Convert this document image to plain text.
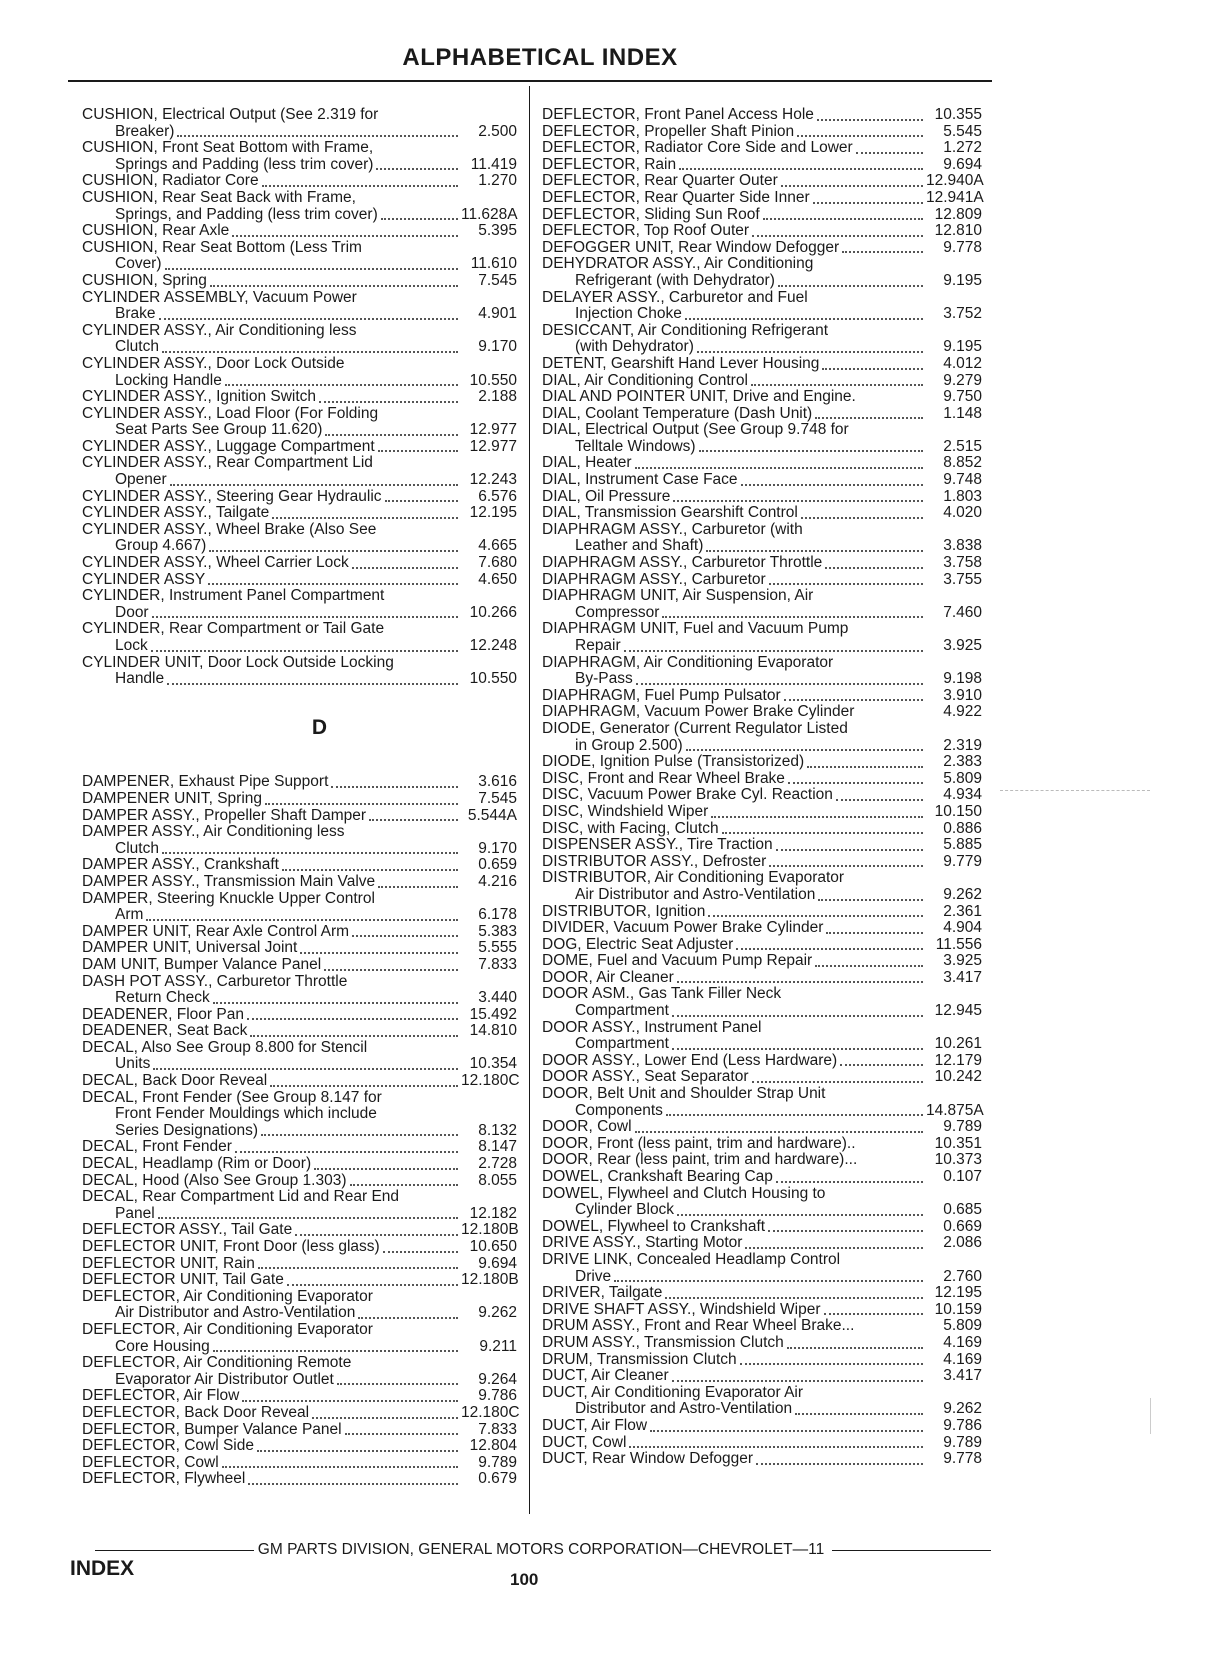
ALPHABETICAL INDEX
CUSHION, Electrical Output (See 2.319 for
Breaker)	2.500
CUSHION, Front Seat Bottom with Frame,
Springs and Padding (less trim cover)	11.419
CUSHION, Radiator Core	1.270
CUSHION, Rear Seat Back with Frame,
Springs, and Padding (less trim cover)	11.628A
CUSHION, Rear Axle	5.395
CUSHION, Rear Seat Bottom (Less Trim
Cover)	11.610
CUSHION, Spring	7.545
CYLINDER ASSEMBLY, Vacuum Power
Brake	4.901
CYLINDER ASSY., Air Conditioning less
Clutch	9.170
CYLINDER ASSY., Door Lock Outside
Locking Handle	10.550
CYLINDER ASSY., Ignition Switch	2.188
CYLINDER ASSY., Load Floor (For Folding
Seat Parts See Group 11.620)	12.977
CYLINDER ASSY., Luggage Compartment	12.977
CYLINDER ASSY., Rear Compartment Lid
Opener	12.243
CYLINDER ASSY., Steering Gear Hydraulic	6.576
CYLINDER ASSY., Tailgate	12.195
CYLINDER ASSY., Wheel Brake (Also See
Group 4.667)	4.665
CYLINDER ASSY., Wheel Carrier Lock	7.680
CYLINDER ASSY	4.650
CYLINDER, Instrument Panel Compartment
Door	10.266
CYLINDER, Rear Compartment or Tail Gate
Lock	12.248
CYLINDER UNIT, Door Lock Outside Locking
Handle	10.550
D
DAMPENER, Exhaust Pipe Support	3.616
DAMPENER UNIT, Spring	7.545
DAMPER ASSY., Propeller Shaft Damper	5.544A
DAMPER ASSY., Air Conditioning less
Clutch	9.170
DAMPER ASSY., Crankshaft	0.659
DAMPER ASSY., Transmission Main Valve	4.216
DAMPER, Steering Knuckle Upper Control
Arm	6.178
DAMPER UNIT, Rear Axle Control Arm	5.383
DAMPER UNIT, Universal Joint	5.555
DAM UNIT, Bumper Valance Panel	7.833
DASH POT ASSY., Carburetor Throttle
Return Check	3.440
DEADENER, Floor Pan	15.492
DEADENER, Seat Back	14.810
DECAL, Also See Group 8.800 for Stencil
Units	10.354
DECAL, Back Door Reveal	12.180C
DECAL, Front Fender (See Group 8.147 for
Front Fender Mouldings which include
Series Designations)	8.132
DECAL, Front Fender	8.147
DECAL, Headlamp (Rim or Door)	2.728
DECAL, Hood (Also See Group 1.303)	8.055
DECAL, Rear Compartment Lid and Rear End
Panel	12.182
DEFLECTOR ASSY., Tail Gate	12.180B
DEFLECTOR UNIT, Front Door (less glass)	10.650
DEFLECTOR UNIT, Rain	9.694
DEFLECTOR UNIT, Tail Gate	12.180B
DEFLECTOR, Air Conditioning Evaporator
Air Distributor and Astro-Ventilation	9.262
DEFLECTOR, Air Conditioning Evaporator
Core Housing	9.211
DEFLECTOR, Air Conditioning Remote
Evaporator Air Distributor Outlet	9.264
DEFLECTOR, Air Flow	9.786
DEFLECTOR, Back Door Reveal	12.180C
DEFLECTOR, Bumper Valance Panel	7.833
DEFLECTOR, Cowl Side	12.804
DEFLECTOR, Cowl	9.789
DEFLECTOR, Flywheel	0.679
DEFLECTOR, Front Panel Access Hole	10.355
DEFLECTOR, Propeller Shaft Pinion	5.545
DEFLECTOR, Radiator Core Side and Lower	1.272
DEFLECTOR, Rain	9.694
DEFLECTOR, Rear Quarter Outer	12.940A
DEFLECTOR, Rear Quarter Side Inner	12.941A
DEFLECTOR, Sliding Sun Roof	12.809
DEFLECTOR, Top Roof Outer	12.810
DEFOGGER UNIT, Rear Window Defogger	9.778
DEHYDRATOR ASSY., Air Conditioning
Refrigerant (with Dehydrator)	9.195
DELAYER ASSY., Carburetor and Fuel
Injection Choke	3.752
DESICCANT, Air Conditioning Refrigerant
(with Dehydrator)	9.195
DETENT, Gearshift Hand Lever Housing	4.012
DIAL, Air Conditioning Control	9.279
DIAL AND POINTER UNIT, Drive and Engine.	9.750
DIAL, Coolant Temperature (Dash Unit)	1.148
DIAL, Electrical Output (See Group 9.748 for
Telltale Windows)	2.515
DIAL, Heater	8.852
DIAL, Instrument Case Face	9.748
DIAL, Oil Pressure	1.803
DIAL, Transmission Gearshift Control	4.020
DIAPHRAGM ASSY., Carburetor (with
Leather and Shaft)	3.838
DIAPHRAGM ASSY., Carburetor Throttle	3.758
DIAPHRAGM ASSY., Carburetor	3.755
DIAPHRAGM UNIT, Air Suspension, Air
Compressor	7.460
DIAPHRAGM UNIT, Fuel and Vacuum Pump
Repair	3.925
DIAPHRAGM, Air Conditioning Evaporator
By-Pass	9.198
DIAPHRAGM, Fuel Pump Pulsator	3.910
DIAPHRAGM, Vacuum Power Brake Cylinder	4.922
DIODE, Generator (Current Regulator Listed
in Group 2.500)	2.319
DIODE, Ignition Pulse (Transistorized)	2.383
DISC, Front and Rear Wheel Brake	5.809
DISC, Vacuum Power Brake Cyl. Reaction	4.934
DISC, Windshield Wiper	10.150
DISC, with Facing, Clutch	0.886
DISPENSER ASSY., Tire Traction	5.885
DISTRIBUTOR ASSY., Defroster	9.779
DISTRIBUTOR, Air Conditioning Evaporator
Air Distributor and Astro-Ventilation	9.262
DISTRIBUTOR, Ignition	2.361
DIVIDER, Vacuum Power Brake Cylinder	4.904
DOG, Electric Seat Adjuster	11.556
DOME, Fuel and Vacuum Pump Repair	3.925
DOOR, Air Cleaner	3.417
DOOR ASM., Gas Tank Filler Neck
Compartment	12.945
DOOR ASSY., Instrument Panel
Compartment	10.261
DOOR ASSY., Lower End (Less Hardware)	12.179
DOOR ASSY., Seat Separator	10.242
DOOR, Belt Unit and Shoulder Strap Unit
Components	14.875A
DOOR, Cowl	9.789
DOOR, Front (less paint, trim and hardware)..	10.351
DOOR, Rear (less paint, trim and hardware)...	10.373
DOWEL, Crankshaft Bearing Cap	0.107
DOWEL, Flywheel and Clutch Housing to
Cylinder Block	0.685
DOWEL, Flywheel to Crankshaft	0.669
DRIVE ASSY., Starting Motor	2.086
DRIVE LINK, Concealed Headlamp Control
Drive	2.760
DRIVER, Tailgate	12.195
DRIVE SHAFT ASSY., Windshield Wiper	10.159
DRUM ASSY., Front and Rear Wheel Brake...	5.809
DRUM ASSY., Transmission Clutch	4.169
DRUM, Transmission Clutch	4.169
DUCT, Air Cleaner	3.417
DUCT, Air Conditioning Evaporator Air
Distributor and Astro-Ventilation	9.262
DUCT, Air Flow	9.786
DUCT, Cowl	9.789
DUCT, Rear Window Defogger	9.778
GM PARTS DIVISION, GENERAL MOTORS CORPORATION—CHEVROLET—11
INDEX	100
